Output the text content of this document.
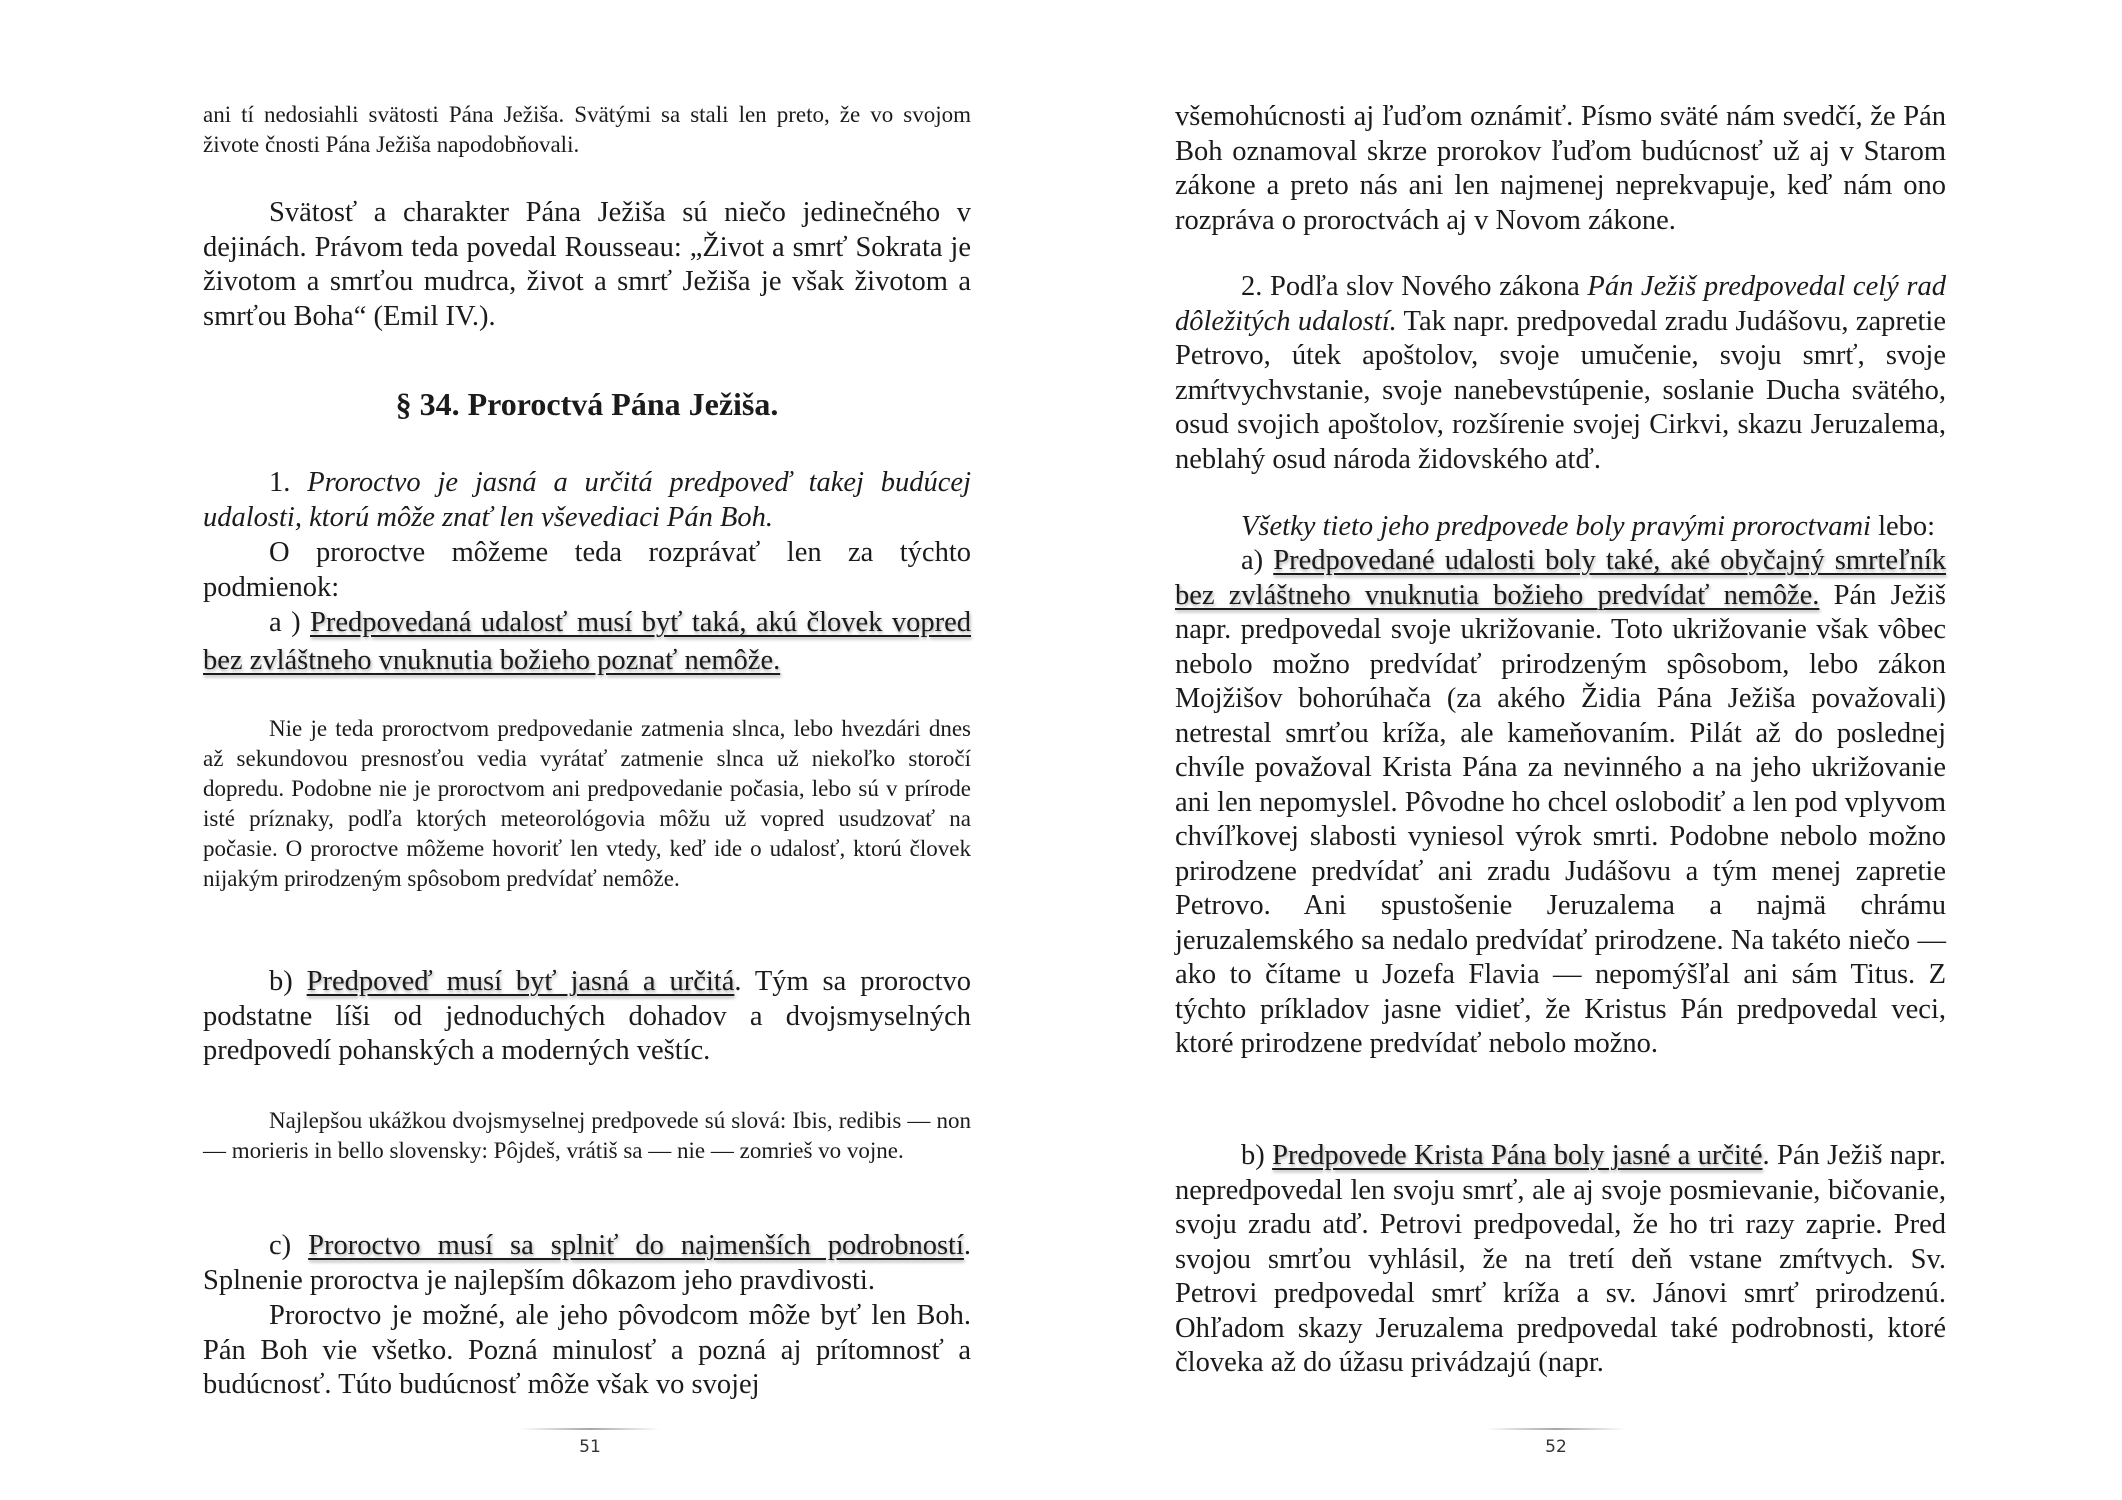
ani tí nedosiahli svätosti Pána Ježiša. Svätými sa stali len preto, že vo svojom živote čnosti Pána Ježiša napodobňovali.

Svätosť a charakter Pána Ježiša sú niečo jedinečného v dejinách. Právom teda povedal Rousseau: „Život a smrť Sokrata je životom a smrťou mudrca, život a smrť Ježiša je však životom a smrťou Boha“ (Emil IV.).

§ 34. Proroctvá Pána Ježiša.

1. Proroctvo je jasná a určitá predpoveď takej budúcej udalosti, ktorú môže znať len vševediaci Pán Boh.

O proroctve môžeme teda rozprávať len za týchto podmienok:

a ) Predpovedaná udalosť musí byť taká, akú človek vopred bez zvláštneho vnuknutia božieho poznať nemôže.

Nie je teda proroctvom predpovedanie zatmenia slnca, lebo hvezdári dnes až sekundovou presnosťou vedia vyrátať zatmenie slnca už niekoľko storočí dopredu. Podobne nie je proroctvom ani predpovedanie počasia, lebo sú v prírode isté príznaky, podľa ktorých meteorológovia môžu už vopred usudzovať na počasie. O proroctve môžeme hovoriť len vtedy, keď ide o udalosť, ktorú človek nijakým prirodzeným spôsobom predvídať nemôže.

b) Predpoveď musí byť jasná a určitá. Tým sa proroctvo podstatne líši od jednoduchých dohadov a dvojsmyselných predpovedí pohanských a moderných veštíc.

Najlepšou ukážkou dvojsmyselnej predpovede sú slová: Ibis, redibis — non — morieris in bello slovensky: Pôjdeš, vrátiš sa — nie — zomrieš vo vojne.

c) Proroctvo musí sa splniť do najmenších podrobností. Splnenie proroctva je najlepším dôkazom jeho pravdivosti.

Proroctvo je možné, ale jeho pôvodcom môže byť len Boh. Pán Boh vie všetko. Pozná minulosť a pozná aj prítomnosť a budúcnosť. Túto budúcnosť môže však vo svojej

51

všemohúcnosti aj ľuďom oznámiť. Písmo sväté nám svedčí, že Pán Boh oznamoval skrze prorokov ľuďom budúcnosť už aj v Starom zákone a preto nás ani len najmenej neprekvapuje, keď nám ono rozpráva o proroctvách aj v Novom zákone.

2. Podľa slov Nového zákona Pán Ježiš predpovedal celý rad dôležitých udalostí. Tak napr. predpovedal zradu Judášovu, zapretie Petrovo, útek apoštolov, svoje umučenie, svoju smrť, svoje zmŕtvychvstanie, svoje nanebevstúpenie, soslanie Ducha svätého, osud svojich apoštolov, rozšírenie svojej Cirkvi, skazu Jeruzalema, neblahý osud národa židovského atď.

Všetky tieto jeho predpovede boly pravými proroctvami lebo:

a) Predpovedané udalosti boly také, aké obyčajný smrteľník bez zvláštneho vnuknutia božieho predvídať nemôže. Pán Ježiš napr. predpovedal svoje ukrižovanie. Toto ukrižovanie však vôbec nebolo možno predvídať prirodzeným spôsobom, lebo zákon Mojžišov bohorúhača (za akého Židia Pána Ježiša považovali) netrestal smrťou kríža, ale kameňovaním. Pilát až do poslednej chvíle považoval Krista Pána za nevinného a na jeho ukrižovanie ani len nepomyslel. Pôvodne ho chcel oslobodiť a len pod vplyvom chvíľkovej slabosti vyniesol výrok smrti. Podobne nebolo možno prirodzene predvídať ani zradu Judášovu a tým menej zapretie Petrovo. Ani spustošenie Jeruzalema a najmä chrámu jeruzalemského sa nedalo predvídať prirodzene. Na takéto niečo — ako to čítame u Jozefa Flavia — nepomýšľal ani sám Titus. Z týchto príkladov jasne vidieť, že Kristus Pán predpovedal veci, ktoré prirodzene predvídať nebolo možno.

b) Predpovede Krista Pána boly jasné a určité. Pán Ježiš napr. nepredpovedal len svoju smrť, ale aj svoje posmievanie, bičovanie, svoju zradu atď. Petrovi predpovedal, že ho tri razy zaprie. Pred svojou smrťou vyhlásil, že na tretí deň vstane zmŕtvych. Sv. Petrovi predpovedal smrť kríža a sv. Jánovi smrť prirodzenú. Ohľadom skazy Jeruzalema predpovedal také podrobnosti, ktoré človeka až do úžasu privádzajú (napr.

52
